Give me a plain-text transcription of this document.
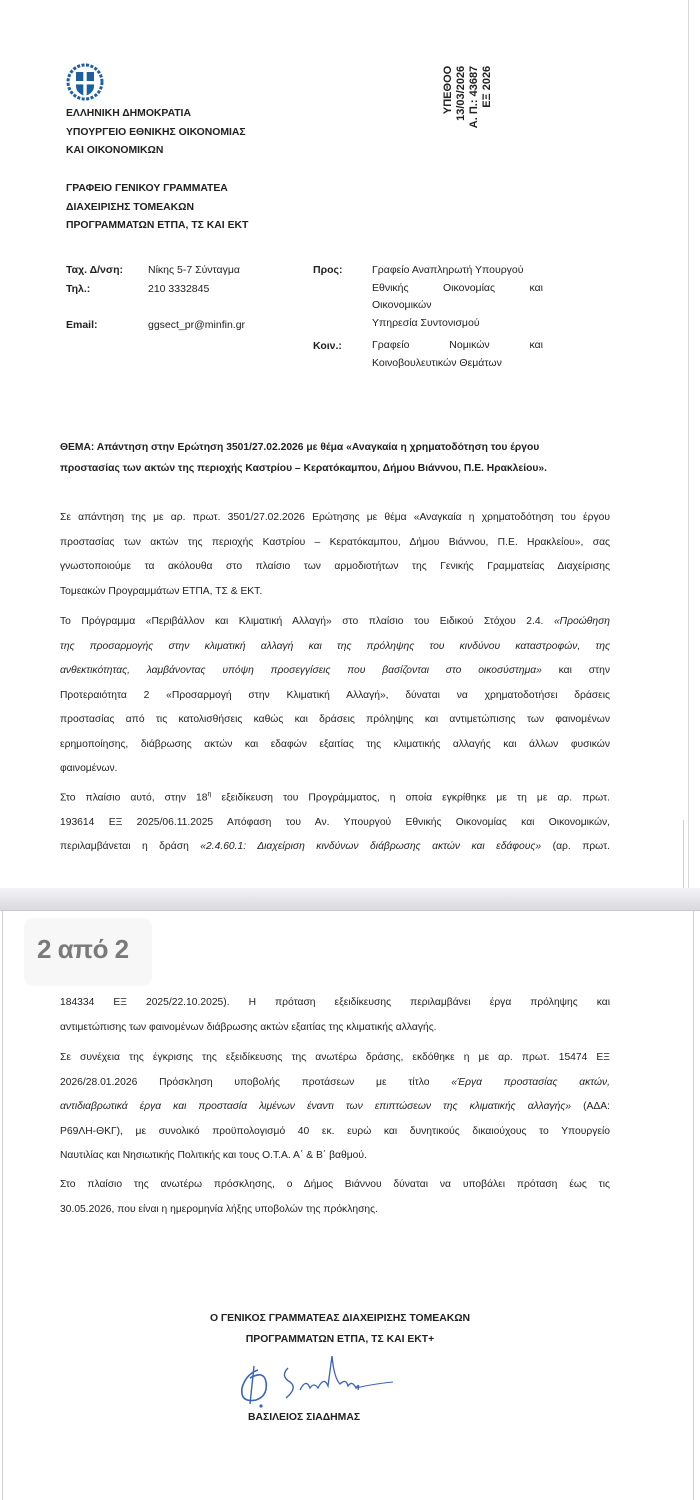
ΕΛΛΗΝΙΚΗ ΔΗΜΟΚΡΑΤΙΑ
ΥΠΟΥΡΓΕΙΟ ΕΘΝΙΚΗΣ ΟΙΚΟΝΟΜΙΑΣ
ΚΑΙ ΟΙΚΟΝΟΜΙΚΩΝ
ΓΡΑΦΕΙΟ ΓΕΝΙΚΟΥ ΓΡΑΜΜΑΤΕΑ
ΔΙΑΧΕΙΡΙΣΗΣ ΤΟΜΕΑΚΩΝ
ΠΡΟΓΡΑΜΜΑΤΩΝ ΕΤΠΑ, ΤΣ ΚΑΙ ΕΚΤ
ΥΠΕΘΟΟ 13/03/2026 Α. Π.: 43687 ΕΞ 2026
Ταχ. Δ/νση: Νίκης 5-7 Σύνταγμα
Τηλ.:	210 3332845
Email:	ggsect_pr@minfin.gr
Προς:	Γραφείο Αναπληρωτή Υπουργού
Εθνικής Οικονομίας και
Οικονομικών
Υπηρεσία Συντονισμού
Κοιν.:	Γραφείο Νομικών και
Κοινοβουλευτικών Θεμάτων
ΘΕΜΑ: Απάντηση στην Ερώτηση 3501/27.02.2026 με θέμα «Αναγκαία η χρηματοδότηση του έργου
προστασίας των ακτών της περιοχής Καστρίου – Κερατόκαμπου, Δήμου Βιάννου, Π.Ε. Ηρακλείου».
Σε απάντηση της με αρ. πρωτ. 3501/27.02.2026 Ερώτησης με θέμα «Αναγκαία η χρηματοδότηση του έργου
προστασίας των ακτών της περιοχής Καστρίου – Κερατόκαμπου, Δήμου Βιάννου, Π.Ε. Ηρακλείου», σας
γνωστοποιούμε τα ακόλουθα στο πλαίσιο των αρμοδιοτήτων της Γενικής Γραμματείας Διαχείρισης
Τομεακών Προγραμμάτων ΕΤΠΑ, ΤΣ & ΕΚΤ.
Το Πρόγραμμα «Περιβάλλον και Κλιματική Αλλαγή» στο πλαίσιο του Ειδικού Στόχου 2.4. «Προώθηση
της προσαρμογής στην κλιματική αλλαγή και της πρόληψης του κινδύνου καταστροφών, της
ανθεκτικότητας, λαμβάνοντας υπόψη προσεγγίσεις που βασίζονται στο οικοσύστημα» και στην
Προτεραιότητα 2 «Προσαρμογή στην Κλιματική Αλλαγή», δύναται να χρηματοδοτήσει δράσεις
προστασίας από τις κατολισθήσεις καθώς και δράσεις πρόληψης και αντιμετώπισης των φαινομένων
ερημοποίησης, διάβρωσης ακτών και εδαφών εξαιτίας της κλιματικής αλλαγής και άλλων φυσικών
φαινομένων.
Στο πλαίσιο αυτό, στην $18^\eta$ εξειδίκευση του Προγράμματος, η οποία εγκρίθηκε με τη με αρ. πρωτ.
193614 ΕΞ 2025/06.11.2025 Απόφαση του Αν. Υπουργού Εθνικής Οικονομίας και Οικονομικών,
περιλαμβάνεται η δράση «2.4.60.1: Διαχείριση κινδύνων διάβρωσης ακτών και εδάφους» (αρ. πρωτ.
2 από 2
184334 ΕΞ 2025/22.10.2025). Η πρόταση εξειδίκευσης περιλαμβάνει έργα πρόληψης και
αντιμετώπισης των φαινομένων διάβρωσης ακτών εξαιτίας της κλιματικής αλλαγής.
Σε συνέχεια της έγκρισης της εξειδίκευσης της ανωτέρω δράσης, εκδόθηκε η με αρ. πρωτ. 15474 ΕΞ
2026/28.01.2026 Πρόσκληση υποβολής προτάσεων με τίτλο «Έργα προστασίας ακτών,
αντιδιαβρωτικά έργα και προστασία λιμένων έναντι των επιπτώσεων της κλιματικής αλλαγής» (ΑΔΑ:
Ρ69ΛΗ-ΘΚΓ), με συνολικό προϋπολογισμό 40 εκ. ευρώ και δυνητικούς δικαιούχους το Υπουργείο
Ναυτιλίας και Νησιωτικής Πολιτικής και τους Ο.Τ.Α. Α΄ & Β΄ βαθμού.
Στο πλαίσιο της ανωτέρω πρόσκλησης, ο Δήμος Βιάννου δύναται να υποβάλει πρόταση έως τις
30.05.2026, που είναι η ημερομηνία λήξης υποβολών της πρόκλησης.
Ο ΓΕΝΙΚΟΣ ΓΡΑΜΜΑΤΕΑΣ ΔΙΑΧΕΙΡΙΣΗΣ ΤΟΜΕΑΚΩΝ
ΠΡΟΓΡΑΜΜΑΤΩΝ ΕΤΠΑ, ΤΣ ΚΑΙ ΕΚΤ+
ΒΑΣΙΛΕΙΟΣ ΣΙΑΔΗΜΑΣ
